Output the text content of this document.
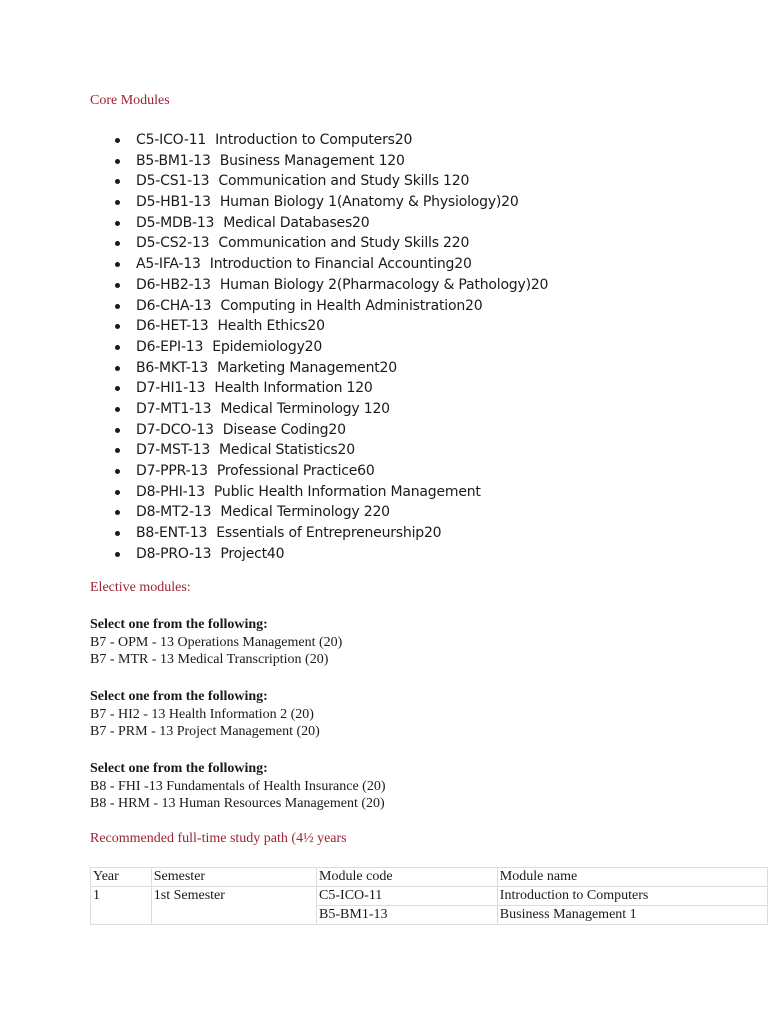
Core Modules
C5-ICO-11 Introduction to Computers20
B5-BM1-13 Business Management 120
D5-CS1-13 Communication and Study Skills 120
D5-HB1-13 Human Biology 1(Anatomy & Physiology)20
D5-MDB-13 Medical Databases20
D5-CS2-13 Communication and Study Skills 220
A5-IFA-13 Introduction to Financial Accounting20
D6-HB2-13 Human Biology 2(Pharmacology & Pathology)20
D6-CHA-13 Computing in Health Administration20
D6-HET-13 Health Ethics20
D6-EPI-13 Epidemiology20
B6-MKT-13 Marketing Management20
D7-HI1-13 Health Information 120
D7-MT1-13 Medical Terminology 120
D7-DCO-13 Disease Coding20
D7-MST-13 Medical Statistics20
D7-PPR-13 Professional Practice60
D8-PHI-13 Public Health Information Management
D8-MT2-13 Medical Terminology 220
B8-ENT-13 Essentials of Entrepreneurship20
D8-PRO-13 Project40
Elective modules:
Select one from the following:
B7 - OPM - 13 Operations Management (20)
B7 - MTR - 13 Medical Transcription (20)
Select one from the following:
B7 - HI2 - 13 Health Information 2 (20)
B7 - PRM - 13 Project Management (20)
Select one from the following:
B8 - FHI -13 Fundamentals of Health Insurance (20)
B8 - HRM - 13 Human Resources Management (20)
Recommended full-time study path (4½ years
Year	Semester	Module code	Module name
1	1st Semester	C5-ICO-11	Introduction to Computers
		B5-BM1-13	Business Management 1
